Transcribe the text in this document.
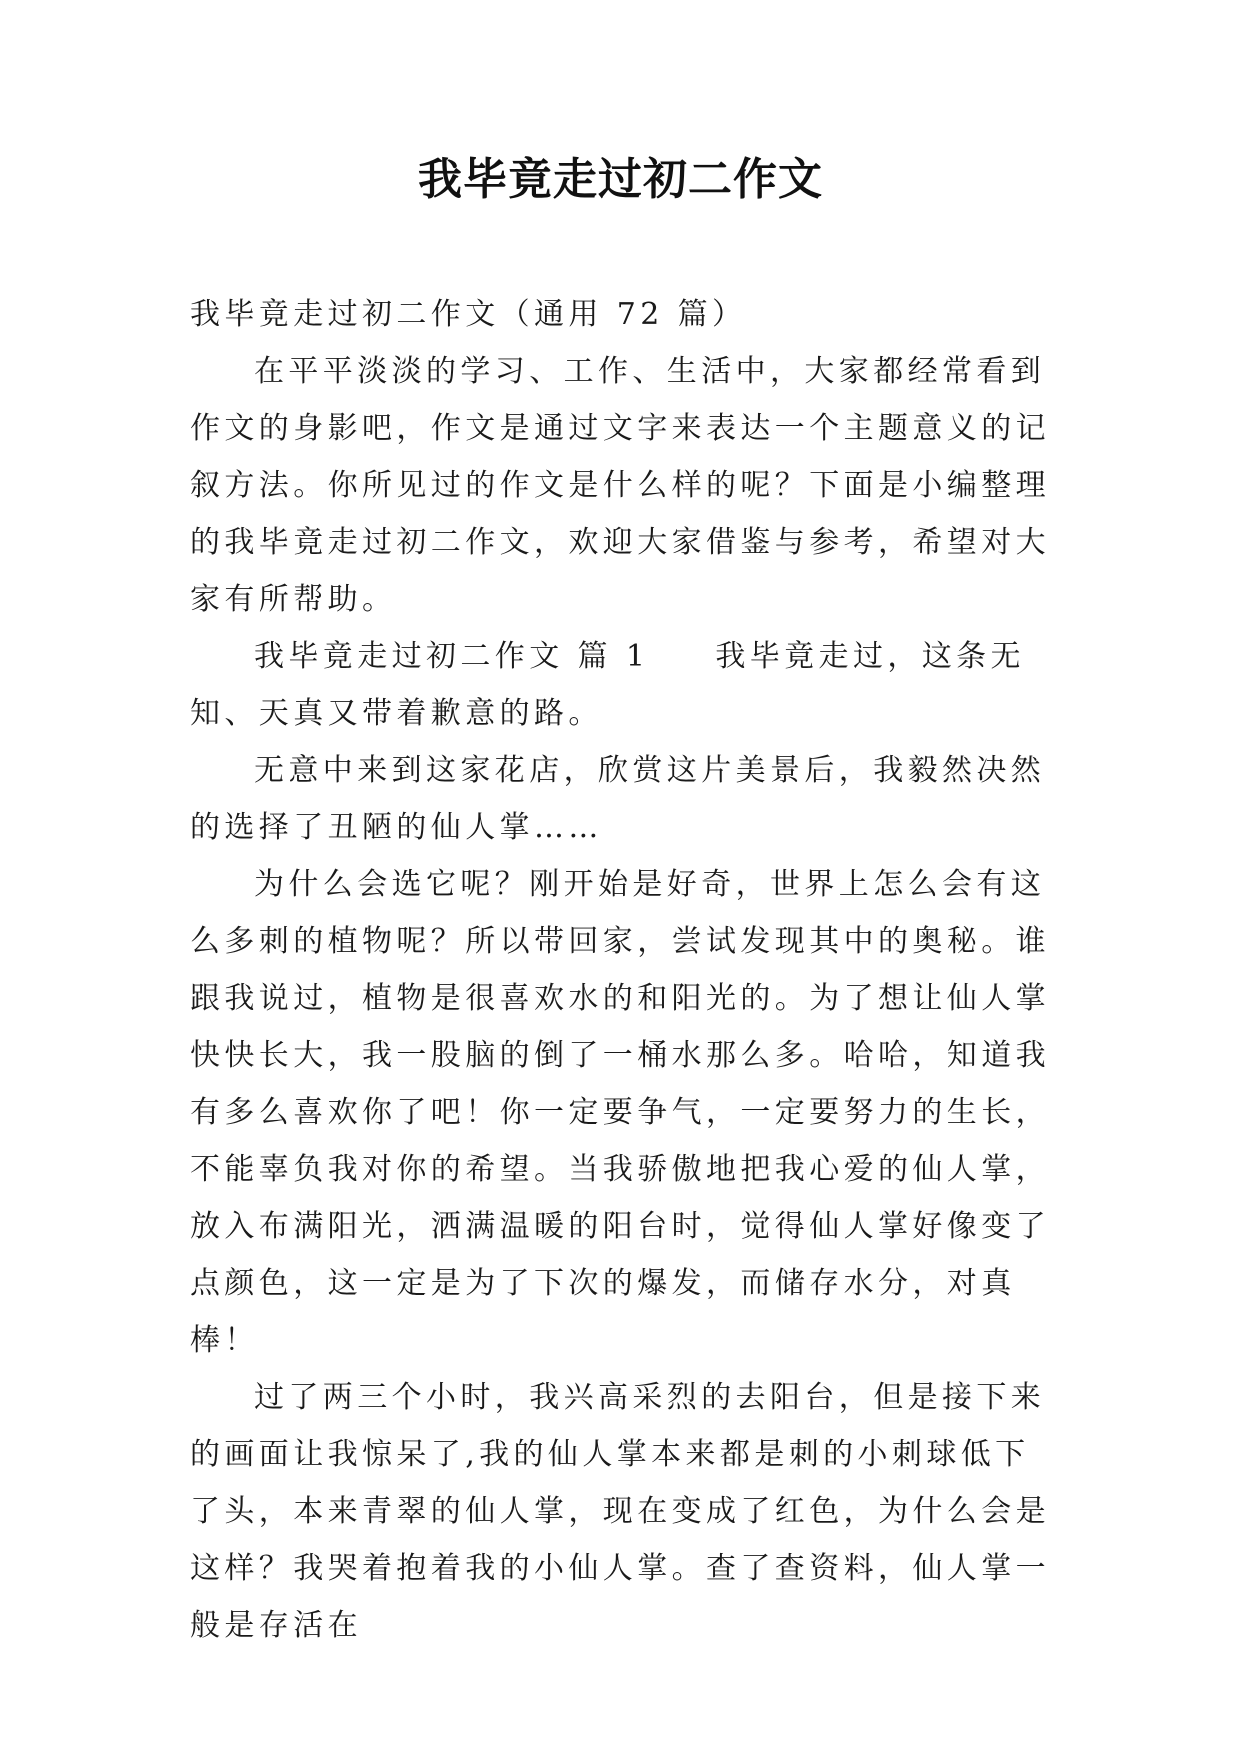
我毕竟走过初二作文

我毕竟走过初二作文（通用 72 篇）

在平平淡淡的学习、工作、生活中，大家都经常看到作文的身影吧，作文是通过文字来表达一个主题意义的记叙方法。你所见过的作文是什么样的呢？下面是小编整理的我毕竟走过初二作文，欢迎大家借鉴与参考，希望对大家有所帮助。

我毕竟走过初二作文 篇 1 我毕竟走过，这条无知、天真又带着歉意的路。

无意中来到这家花店，欣赏这片美景后，我毅然决然的选择了丑陋的仙人掌……

为什么会选它呢？刚开始是好奇，世界上怎么会有这么多刺的植物呢？所以带回家，尝试发现其中的奥秘。谁跟我说过，植物是很喜欢水的和阳光的。为了想让仙人掌快快长大，我一股脑的倒了一桶水那么多。哈哈，知道我有多么喜欢你了吧！你一定要争气，一定要努力的生长，不能辜负我对你的希望。当我骄傲地把我心爱的仙人掌，放入布满阳光，洒满温暖的阳台时，觉得仙人掌好像变了点颜色，这一定是为了下次的爆发，而储存水分，对真棒！

过了两三个小时，我兴高采烈的去阳台，但是接下来的画面让我惊呆了,我的仙人掌本来都是刺的小刺球低下了头，本来青翠的仙人掌，现在变成了红色，为什么会是这样？我哭着抱着我的小仙人掌。查了查资料，仙人掌一般是存活在
